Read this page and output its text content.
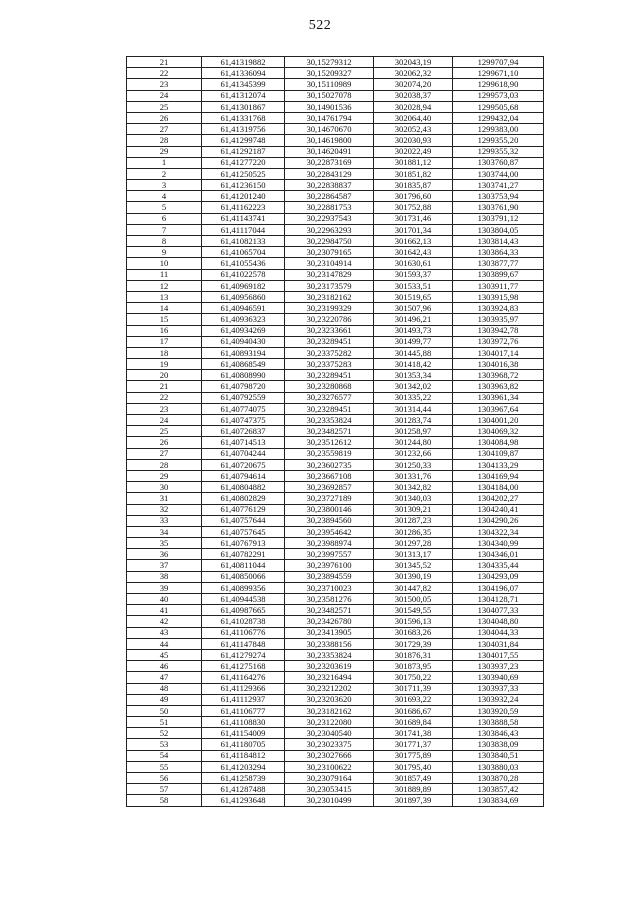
522
21	61,41319882	30,15279312	302043,19	1299707,94
22	61,41336094	30,15209327	302062,32	1299671,10
23	61,41345399	30,15110989	302074,20	1299618,90
24	61,41312074	30,15027078	302038,37	1299573,03
25	61,41301867	30,14901536	302028,94	1299505,68
26	61,41331768	30,14761794	302064,40	1299432,04
27	61,41319756	30,14670670	302052,43	1299383,00
28	61,41299748	30,14619800	302030,93	1299355,20
29	61,41292187	30,14620491	302022,49	1299355,32
1	61,41277220	30,22873169	301881,12	1303760,87
2	61,41250525	30,22843129	301851,82	1303744,00
3	61,41236150	30,22838837	301835,87	1303741,27
4	61,41201240	30,22864587	301796,60	1303753,94
5	61,41162223	30,22881753	301752,88	1303761,90
6	61,41143741	30,22937543	301731,46	1303791,12
7	61,41117044	30,22963293	301701,34	1303804,05
8	61,41082133	30,22984750	301662,13	1303814,43
9	61,41065704	30,23079165	301642,43	1303864,33
10	61,41055436	30,23104914	301630,61	1303877,77
11	61,41022578	30,23147829	301593,37	1303899,67
12	61,40969182	30,23173579	301533,51	1303911,77
13	61,40956860	30,23182162	301519,65	1303915,98
14	61,40946591	30,23199329	301507,96	1303924,83
15	61,40936323	30,23220786	301496,21	1303935,97
16	61,40934269	30,23233661	301493,73	1303942,78
17	61,40940430	30,23289451	301499,77	1303972,76
18	61,40893194	30,23375282	301445,88	1304017,14
19	61,40868549	30,23375283	301418,42	1304016,38
20	61,40808990	30,23289451	301353,34	1303968,72
21	61,40798720	30,23280868	301342,02	1303963,82
22	61,40792559	30,23276577	301335,22	1303961,34
23	61,40774075	30,23289451	301314,44	1303967,64
24	61,40747375	30,23353824	301283,74	1304001,20
25	61,40726837	30,23482571	301258,97	1304069,32
26	61,40714513	30,23512612	301244,80	1304084,98
27	61,40704244	30,23559819	301232,66	1304109,87
28	61,40720675	30,23602735	301250,33	1304133,29
29	61,40794614	30,23667108	301331,76	1304169,94
30	61,40804882	30,23692857	301342,82	1304184,00
31	61,40802829	30,23727189	301340,03	1304202,27
32	61,40776129	30,23800146	301309,21	1304240,41
33	61,40757644	30,23894560	301287,23	1304290,26
34	61,40757645	30,23954642	301286,35	1304322,34
35	61,40767913	30,23988974	301297,28	1304340,99
36	61,40782291	30,23997557	301313,17	1304346,01
37	61,40811044	30,23976100	301345,52	1304335,44
38	61,40850066	30,23894559	301390,19	1304293,09
39	61,40899356	30,23710023	301447,82	1304196,07
40	61,40944538	30,23581276	301500,05	1304128,71
41	61,40987665	30,23482571	301549,55	1304077,33
42	61,41028738	30,23426780	301596,13	1304048,80
43	61,41106776	30,23413905	301683,26	1304044,33
44	61,41147848	30,23388156	301729,39	1304031,84
45	61,41279274	30,23353824	301876,31	1304017,55
46	61,41275168	30,23203619	301873,95	1303937,23
47	61,41164276	30,23216494	301750,22	1303940,69
48	61,41129366	30,23212202	301711,39	1303937,33
49	61,41112937	30,23203620	301693,22	1303932,24
50	61,41106777	30,23182162	301686,67	1303920,59
51	61,41108830	30,23122080	301689,84	1303888,58
52	61,41154009	30,23040540	301741,38	1303846,43
53	61,41180705	30,23023375	301771,37	1303838,09
54	61,41184812	30,23027666	301775,89	1303840,51
55	61,41203294	30,23100622	301795,40	1303880,03
56	61,41258739	30,23079164	301857,49	1303870,28
57	61,41287488	30,23053415	301889,89	1303857,42
58	61,41293648	30,23010499	301897,39	1303834,69
